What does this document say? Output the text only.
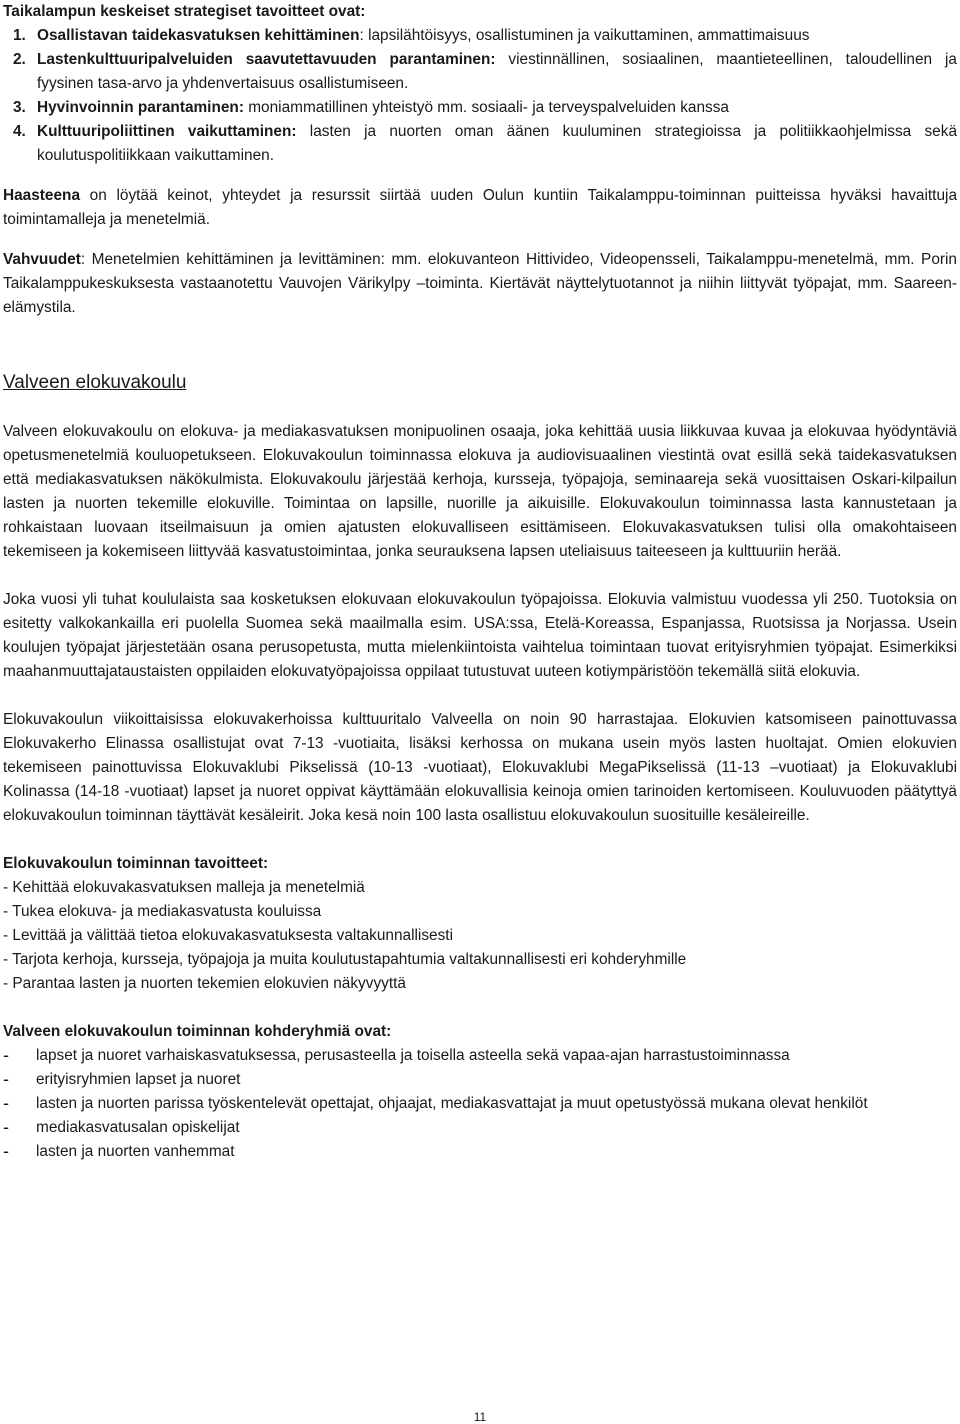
Taikalampun keskeiset strategiset tavoitteet ovat:

1. Osallistavan taidekasvatuksen kehittäminen: lapsilähtöisyys, osallistuminen ja vaikuttaminen, ammattimaisuus
2. Lastenkulttuuripalveluiden saavutettavuuden parantaminen: viestinnällinen, sosiaalinen, maantieteellinen, taloudellinen ja fyysinen tasa-arvo ja yhdenvertaisuus osallistumiseen.
3. Hyvinvoinnin parantaminen: moniammatillinen yhteistyö mm. sosiaali- ja terveyspalveluiden kanssa
4. Kulttuuripoliittinen vaikuttaminen: lasten ja nuorten oman äänen kuuluminen strategioissa ja politiikkaohjelmissa sekä koulutuspolitiikkaan vaikuttaminen.

Haasteena on löytää keinot, yhteydet ja resurssit siirtää uuden Oulun kuntiin Taikalamppu-toiminnan puitteissa hyväksi havaittuja toimintamalleja ja menetelmiä.

Vahvuudet: Menetelmien kehittäminen ja levittäminen: mm. elokuvanteon Hittivideo, Videopensseli, Taikalamppu-menetelmä, mm. Porin Taikalamppukeskuksesta vastaanotettu Vauvojen Värikylpy –toiminta. Kiertävät näyttelytuotannot ja niihin liittyvät työpajat, mm. Saareen-elämystila.

Valveen elokuvakoulu

Valveen elokuvakoulu on elokuva- ja mediakasvatuksen monipuolinen osaaja, joka kehittää uusia liikkuvaa kuvaa ja elokuvaa hyödyntäviä opetusmenetelmiä kouluopetukseen. Elokuvakoulun toiminnassa elokuva ja audiovisuaalinen viestintä ovat esillä sekä taidekasvatuksen että mediakasvatuksen näkökulmista. Elokuvakoulu järjestää kerhoja, kursseja, työpajoja, seminaareja sekä vuosittaisen Oskari-kilpailun lasten ja nuorten tekemille elokuville. Toimintaa on lapsille, nuorille ja aikuisille. Elokuvakoulun toiminnassa lasta kannustetaan ja rohkaistaan luovaan itseilmaisuun ja omien ajatusten elokuvalliseen esittämiseen. Elokuvakasvatuksen tulisi olla omakohtaiseen tekemiseen ja kokemiseen liittyvää kasvatustoimintaa, jonka seurauksena lapsen uteliaisuus taiteeseen ja kulttuuriin herää.

Joka vuosi yli tuhat koululaista saa kosketuksen elokuvaan elokuvakoulun työpajoissa. Elokuvia valmistuu vuodessa yli 250. Tuotoksia on esitetty valkokankailla eri puolella Suomea sekä maailmalla esim. USA:ssa, Etelä-Koreassa, Espanjassa, Ruotsissa ja Norjassa. Usein koulujen työpajat järjestetään osana perusopetusta, mutta mielenkiintoista vaihtelua toimintaan tuovat erityisryhmien työpajat. Esimerkiksi maahanmuuttajataustaisten oppilaiden elokuvatyöpajoissa oppilaat tutustuvat uuteen kotiympäristöön tekemällä siitä elokuvia.

Elokuvakoulun viikoittaisissa elokuvakerhoissa kulttuuritalo Valveella on noin 90 harrastajaa. Elokuvien katsomiseen painottuvassa Elokuvakerho Elinassa osallistujat ovat 7-13 -vuotiaita, lisäksi kerhossa on mukana usein myös lasten huoltajat. Omien elokuvien tekemiseen painottuvissa Elokuvaklubi Pikselissä (10-13 -vuotiaat), Elokuvaklubi MegaPikselissä (11-13 –vuotiaat) ja Elokuvaklubi Kolinassa (14-18 -vuotiaat) lapset ja nuoret oppivat käyttämään elokuvallisia keinoja omien tarinoiden kertomiseen. Kouluvuoden päätyttyä elokuvakoulun toiminnan täyttävät kesäleirit. Joka kesä noin 100 lasta osallistuu elokuvakoulun suosituille kesäleireille.

Elokuvakoulun toiminnan tavoitteet:

- Kehittää elokuvakasvatuksen malleja ja menetelmiä
- Tukea elokuva- ja mediakasvatusta kouluissa
- Levittää ja välittää tietoa elokuvakasvatuksesta valtakunnallisesti
- Tarjota kerhoja, kursseja, työpajoja ja muita koulutustapahtumia valtakunnallisesti eri kohderyhmille
- Parantaa lasten ja nuorten tekemien elokuvien näkyvyyttä

Valveen elokuvakoulun toiminnan kohderyhmiä ovat:

- lapset ja nuoret varhaiskasvatuksessa, perusasteella ja toisella asteella sekä vapaa-ajan harrastustoiminnassa
- erityisryhmien lapset ja nuoret
- lasten ja nuorten parissa työskentelevät opettajat, ohjaajat, mediakasvattajat ja muut opetustyössä mukana olevat henkilöt
- mediakasvatusalan opiskelijat
- lasten ja nuorten vanhemmat
11
